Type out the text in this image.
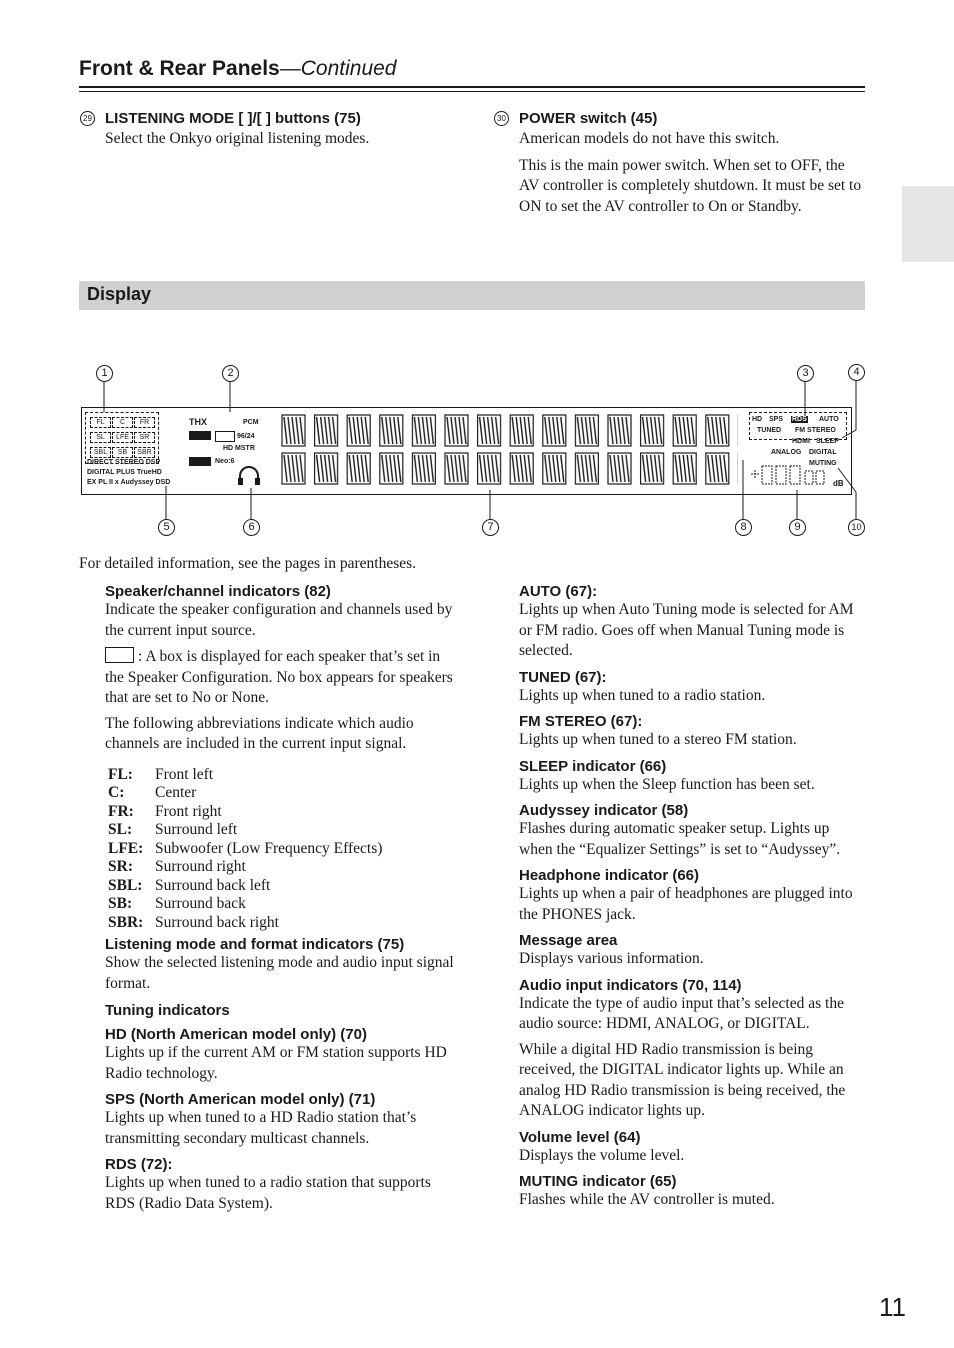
Front & Rear Panels—Continued
29 LISTENING MODE [ ]/[ ] buttons (75)
Select the Onkyo original listening modes.
30 POWER switch (45)
American models do not have this switch.
This is the main power switch. When set to OFF, the AV controller is completely shutdown. It must be set to ON to set the AV controller to On or Standby.
Display
1	2	3	4
5	6	7	8	9	10
FL	C	FR
SL	LFE	SR
SBL	SB	SBR
DIRECT STEREO DSP
DIGITAL PLUS TrueHD
EX PL II x Audyssey DSD
THX	PCM
96/24
HD MSTR
Neo:6
HD SPS RDS AUTO
TUNED FM STEREO
HDMI SLEEP
ANALOG DIGITAL
MUTING
dB
For detailed information, see the pages in parentheses.
Speaker/channel indicators (82)
Indicate the speaker configuration and channels used by the current input source.
: A box is displayed for each speaker that’s set in the Speaker Configuration. No box appears for speakers that are set to No or None.
The following abbreviations indicate which audio channels are included in the current input signal.
FL:	Front left
C:	Center
FR:	Front right
SL:	Surround left
LFE:	Subwoofer (Low Frequency Effects)
SR:	Surround right
SBL:	Surround back left
SB:	Surround back
SBR:	Surround back right
Listening mode and format indicators (75)
Show the selected listening mode and audio input signal format.
Tuning indicators
HD (North American model only) (70)
Lights up if the current AM or FM station supports HD Radio technology.
SPS (North American model only) (71)
Lights up when tuned to a HD Radio station that’s transmitting secondary multicast channels.
RDS (72):
Lights up when tuned to a radio station that supports RDS (Radio Data System).
AUTO (67):
Lights up when Auto Tuning mode is selected for AM or FM radio. Goes off when Manual Tuning mode is selected.
TUNED (67):
Lights up when tuned to a radio station.
FM STEREO (67):
Lights up when tuned to a stereo FM station.
SLEEP indicator (66)
Lights up when the Sleep function has been set.
Audyssey indicator (58)
Flashes during automatic speaker setup. Lights up when the “Equalizer Settings” is set to “Audyssey”.
Headphone indicator (66)
Lights up when a pair of headphones are plugged into the PHONES jack.
Message area
Displays various information.
Audio input indicators (70, 114)
Indicate the type of audio input that’s selected as the audio source: HDMI, ANALOG, or DIGITAL.
While a digital HD Radio transmission is being received, the DIGITAL indicator lights up. While an analog HD Radio transmission is being received, the ANALOG indicator lights up.
Volume level (64)
Displays the volume level.
MUTING indicator (65)
Flashes while the AV controller is muted.
11
